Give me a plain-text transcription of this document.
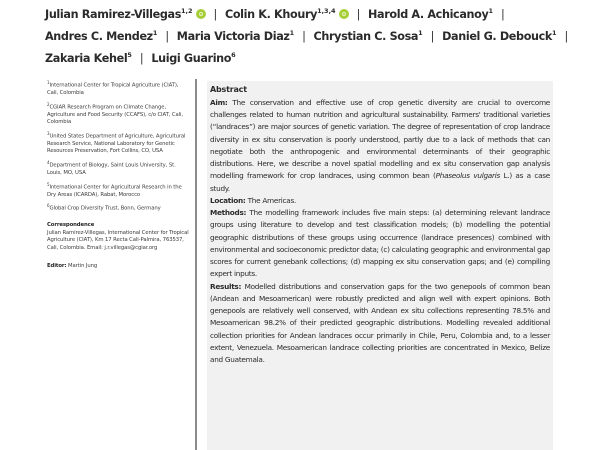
Julian Ramirez-Villegas$^{1,2}$ | Colin K. Khoury$^{1,3,4}$ | Harold A. Achicanoy$^1$ |
Andres C. Mendez$^1$ | Maria Victoria Diaz$^1$ | Chrystian C. Sosa$^1$ | Daniel G. Debouck$^1$ |
Zakaria Kehel$^5$ | Luigi Guarino$^6$
$^1$International Center for Tropical Agriculture (CIAT), Cali, Colombia
$^2$CGIAR Research Program on Climate Change, Agriculture and Food Security (CCAFS), c/o CIAT, Cali, Colombia
$^3$United States Department of Agriculture, Agricultural Research Service, National Laboratory for Genetic Resources Preservation, Fort Collins, CO, USA
$^4$Department of Biology, Saint Louis University, St. Louis, MO, USA
$^5$International Center for Agricultural Research in the Dry Areas (ICARDA), Rabat, Morocco
$^6$Global Crop Diversity Trust, Bonn, Germany
Correspondence
Julian Ramirez-Villegas, International Center for Tropical Agriculture (CIAT), Km 17 Recta Cali-Palmira, 763537, Cali, Colombia. Email: j.r.villegas@cgiar.org
Editor: Martin Jung
Abstract
Aim: The conservation and effective use of crop genetic diversity are crucial to overcome challenges related to human nutrition and agricultural sustainability. Farmers' traditional varieties (“landraces”) are major sources of genetic variation. The degree of representation of crop landrace diversity in ex situ conservation is poorly understood, partly due to a lack of methods that can negotiate both the anthropogenic and environmental determinants of their geographic distributions. Here, we describe a novel spatial modelling and ex situ conservation gap analysis modelling framework for crop landraces, using common bean (Phaseolus vulgaris L.) as a case study.
Location: The Americas.
Methods: The modelling framework includes five main steps: (a) determining relevant landrace groups using literature to develop and test classification models; (b) modelling the potential geographic distributions of these groups using occurrence (landrace presences) combined with environmental and socioeconomic predictor data; (c) calculating geographic and environmental gap scores for current genebank collections; (d) mapping ex situ conservation gaps; and (e) compiling expert inputs.
Results: Modelled distributions and conservation gaps for the two genepools of common bean (Andean and Mesoamerican) were robustly predicted and align well with expert opinions. Both genepools are relatively well conserved, with Andean ex situ collections representing 78.5% and Mesoamerican 98.2% of their predicted geographic distributions. Modelling revealed additional collection priorities for Andean landraces occur primarily in Chile, Peru, Colombia and, to a lesser extent, Venezuela. Mesoamerican landrace collecting priorities are concentrated in Mexico, Belize and Guatemala.
